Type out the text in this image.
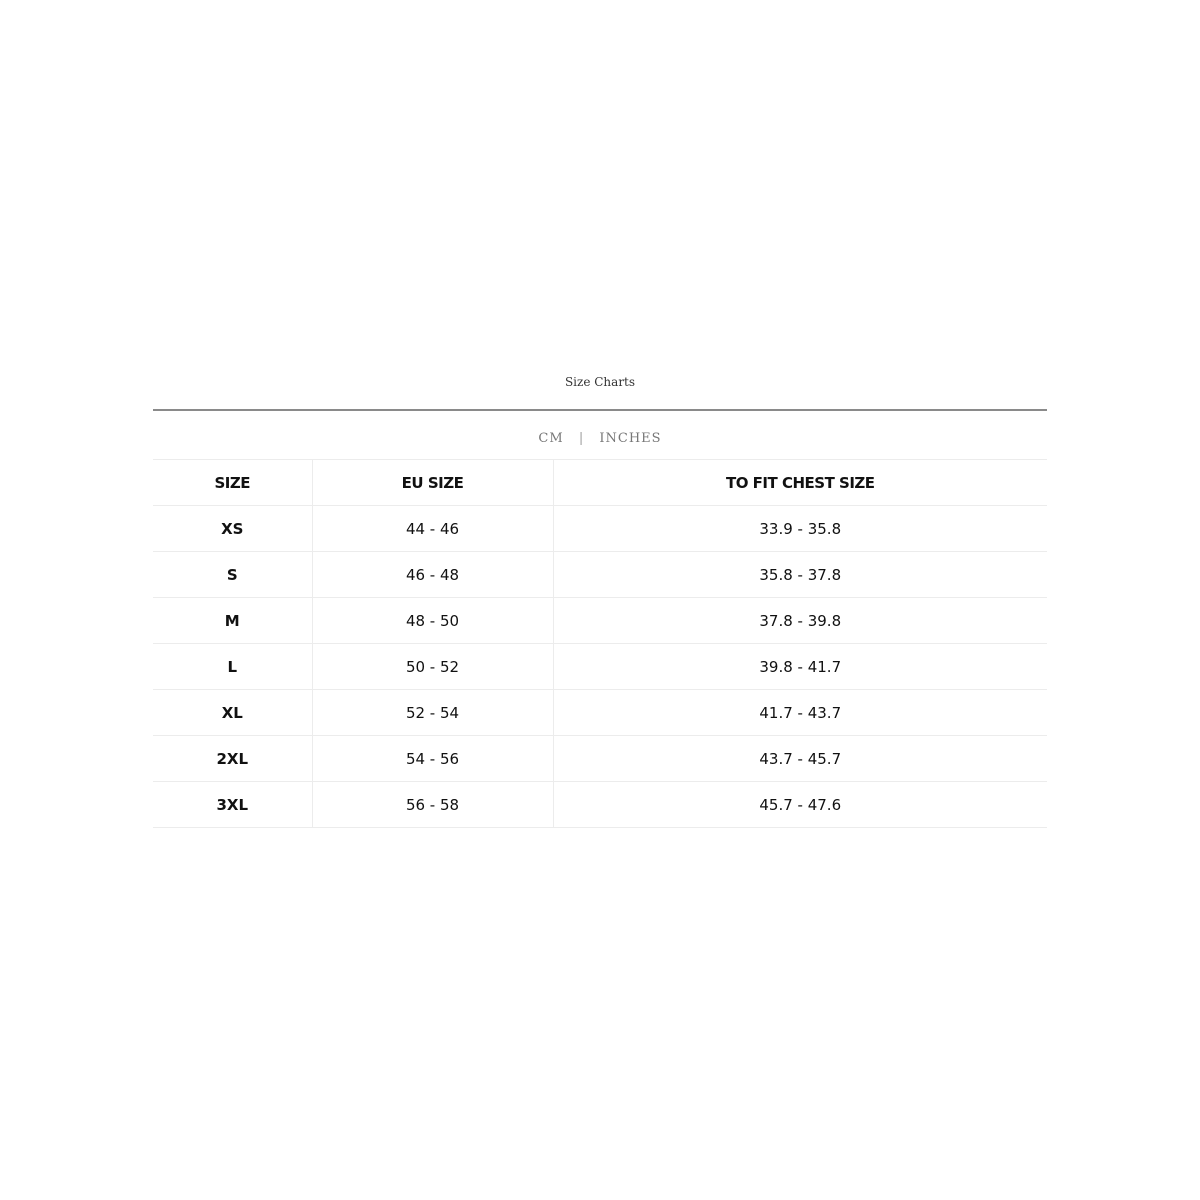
Size Charts
CM | INCHES
SIZE	EU SIZE	TO FIT CHEST SIZE
XS	44 - 46	33.9 - 35.8
S	46 - 48	35.8 - 37.8
M	48 - 50	37.8 - 39.8
L	50 - 52	39.8 - 41.7
XL	52 - 54	41.7 - 43.7
2XL	54 - 56	43.7 - 45.7
3XL	56 - 58	45.7 - 47.6
